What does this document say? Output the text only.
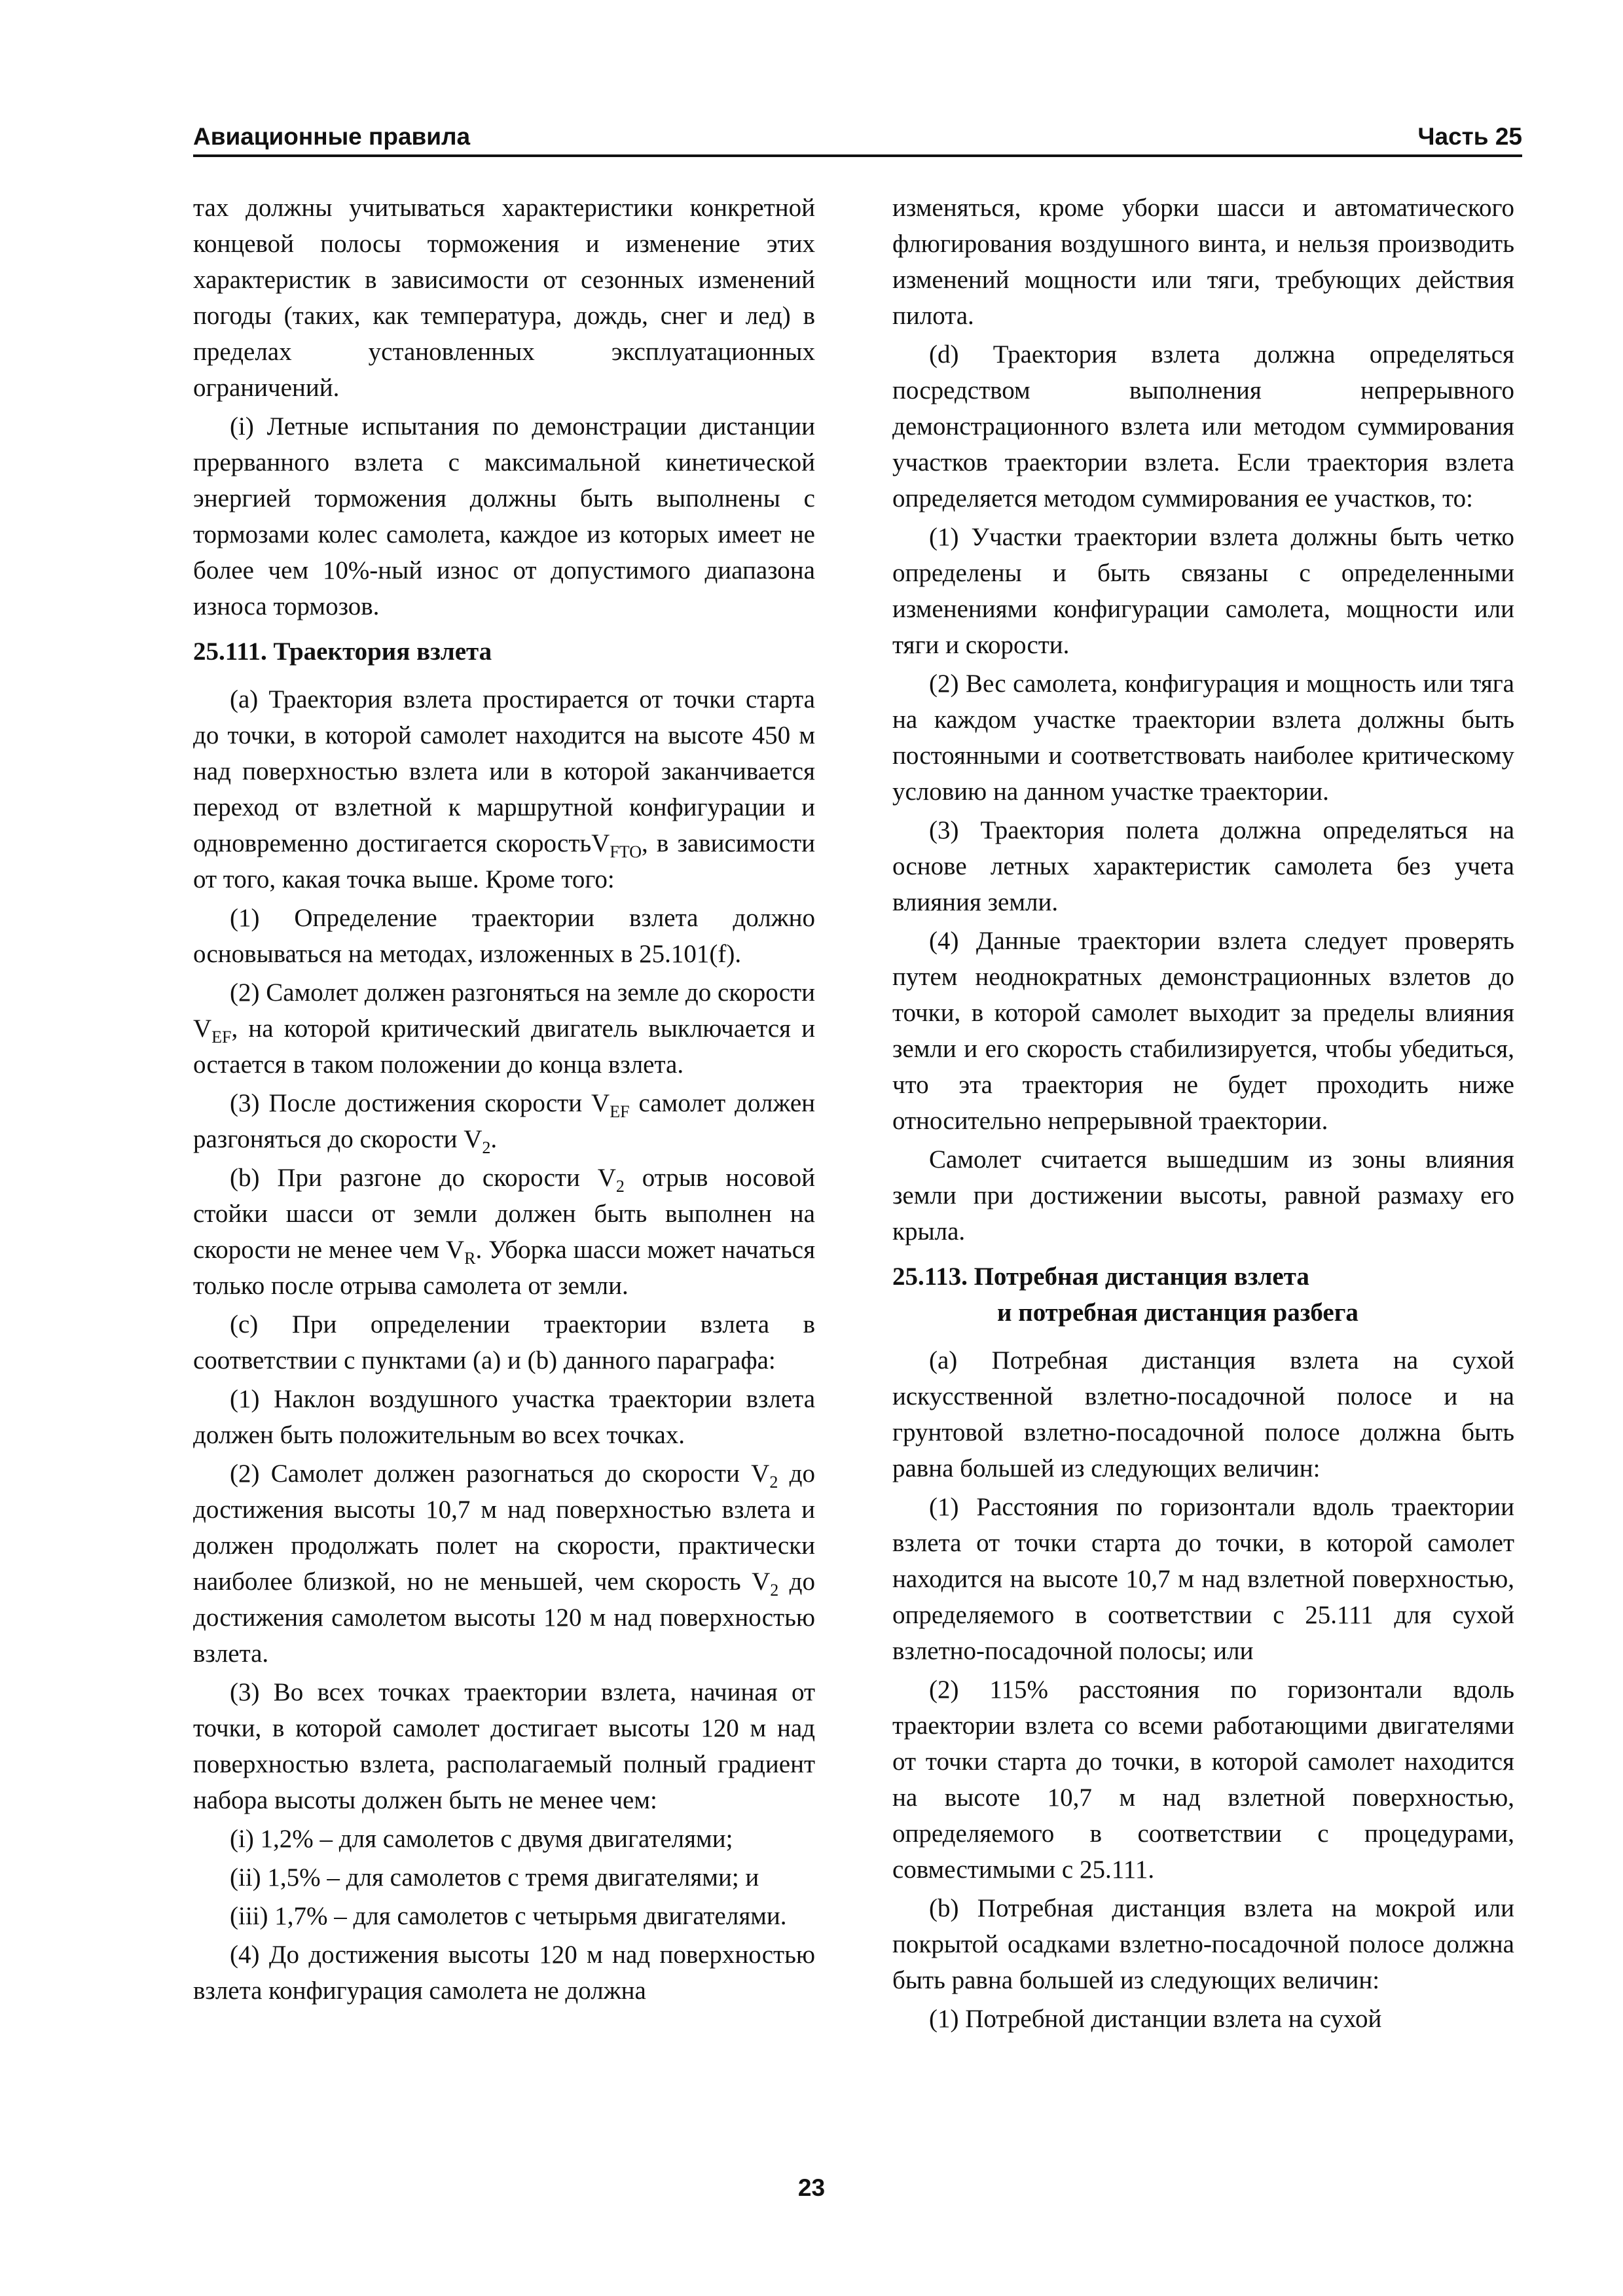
Авиационные правила	Часть 25

тах должны учитываться характеристики конкретной концевой полосы торможения и изменение этих характеристик в зависимости от сезонных изменений погоды (таких, как температура, дождь, снег и лед) в пределах установленных эксплуатационных ограничений.

(i) Летные испытания по демонстрации дистанции прерванного взлета с максимальной кинетической энергией торможения должны быть выполнены с тормозами колес самолета, каждое из которых имеет не более чем 10%-ный износ от допустимого диапазона износа тормозов.

25.111. Траектория взлета

(а) Траектория взлета простирается от точки старта до точки, в которой самолет находится на высоте 450 м над поверхностью взлета или в которой заканчивается переход от взлетной к маршрутной конфигурации и одновременно достигается скоростьV$_{FTO}$, в зависимости от того, какая точка выше. Кроме того:

(1) Определение траектории взлета должно основываться на методах, изложенных в 25.101(f).

(2) Самолет должен разгоняться на земле до скорости $V_{EF}$, на которой критический двигатель выключается и остается в таком положении до конца взлета.

(3) После достижения скорости $V_{EF}$ самолет должен разгоняться до скорости $V_2$.

(b) При разгоне до скорости $V_2$ отрыв носовой стойки шасси от земли должен быть выполнен на скорости не менее чем $V_R$. Уборка шасси может начаться только после отрыва самолета от земли.

(c) При определении траектории взлета в соответствии с пунктами (а) и (b) данного параграфа:

(1) Наклон воздушного участка траектории взлета должен быть положительным во всех точках.

(2) Самолет должен разогнаться до скорости $V_2$ до достижения высоты 10,7 м над поверхностью взлета и должен продолжать полет на скорости, практически наиболее близкой, но не меньшей, чем скорость $V_2$ до достижения самолетом высоты 120 м над поверхностью взлета.

(3) Во всех точках траектории взлета, начиная от точки, в которой самолет достигает высоты 120 м над поверхностью взлета, располагаемый полный градиент набора высоты должен быть не менее чем:

(i) 1,2% – для самолетов с двумя двигателями;

(ii) 1,5% – для самолетов с тремя двигателями; и

(iii) 1,7% – для самолетов с четырьмя двигателями.

(4) До достижения высоты 120 м над поверхностью взлета конфигурация самолета не должна

изменяться, кроме уборки шасси и автоматического флюгирования воздушного винта, и нельзя производить изменений мощности или тяги, требующих действия пилота.

(d) Траектория взлета должна определяться посредством выполнения непрерывного демонстрационного взлета или методом суммирования участков траектории взлета. Если траектория взлета определяется методом суммирования ее участков, то:

(1) Участки траектории взлета должны быть четко определены и быть связаны с определенными изменениями конфигурации самолета, мощности или тяги и скорости.

(2) Вес самолета, конфигурация и мощность или тяга на каждом участке траектории взлета должны быть постоянными и соответствовать наиболее критическому условию на данном участке траектории.

(3) Траектория полета должна определяться на основе летных характеристик самолета без учета влияния земли.

(4) Данные траектории взлета следует проверять путем неоднократных демонстрационных взлетов до точки, в которой самолет выходит за пределы влияния земли и его скорость стабилизируется, чтобы убедиться, что эта траектория не будет проходить ниже относительно непрерывной траектории.

Самолет считается вышедшим из зоны влияния земли при достижении высоты, равной размаху его крыла.

25.113. Потребная дистанция взлета
и потребная дистанция разбега

(а) Потребная дистанция взлета на сухой искусственной взлетно-посадочной полосе и на грунтовой взлетно-посадочной полосе должна быть равна большей из следующих величин:

(1) Расстояния по горизонтали вдоль траектории взлета от точки старта до точки, в которой самолет находится на высоте 10,7 м над взлетной поверхностью, определяемого в соответствии с 25.111 для сухой взлетно-посадочной полосы; или

(2) 115% расстояния по горизонтали вдоль траектории взлета со всеми работающими двигателями от точки старта до точки, в которой самолет находится на высоте 10,7 м над взлетной поверхностью, определяемого в соответствии с процедурами, совместимыми с 25.111.

(b) Потребная дистанция взлета на мокрой или покрытой осадками взлетно-посадочной полосе должна быть равна большей из следующих величин:

(1) Потребной дистанции взлета на сухой

23
